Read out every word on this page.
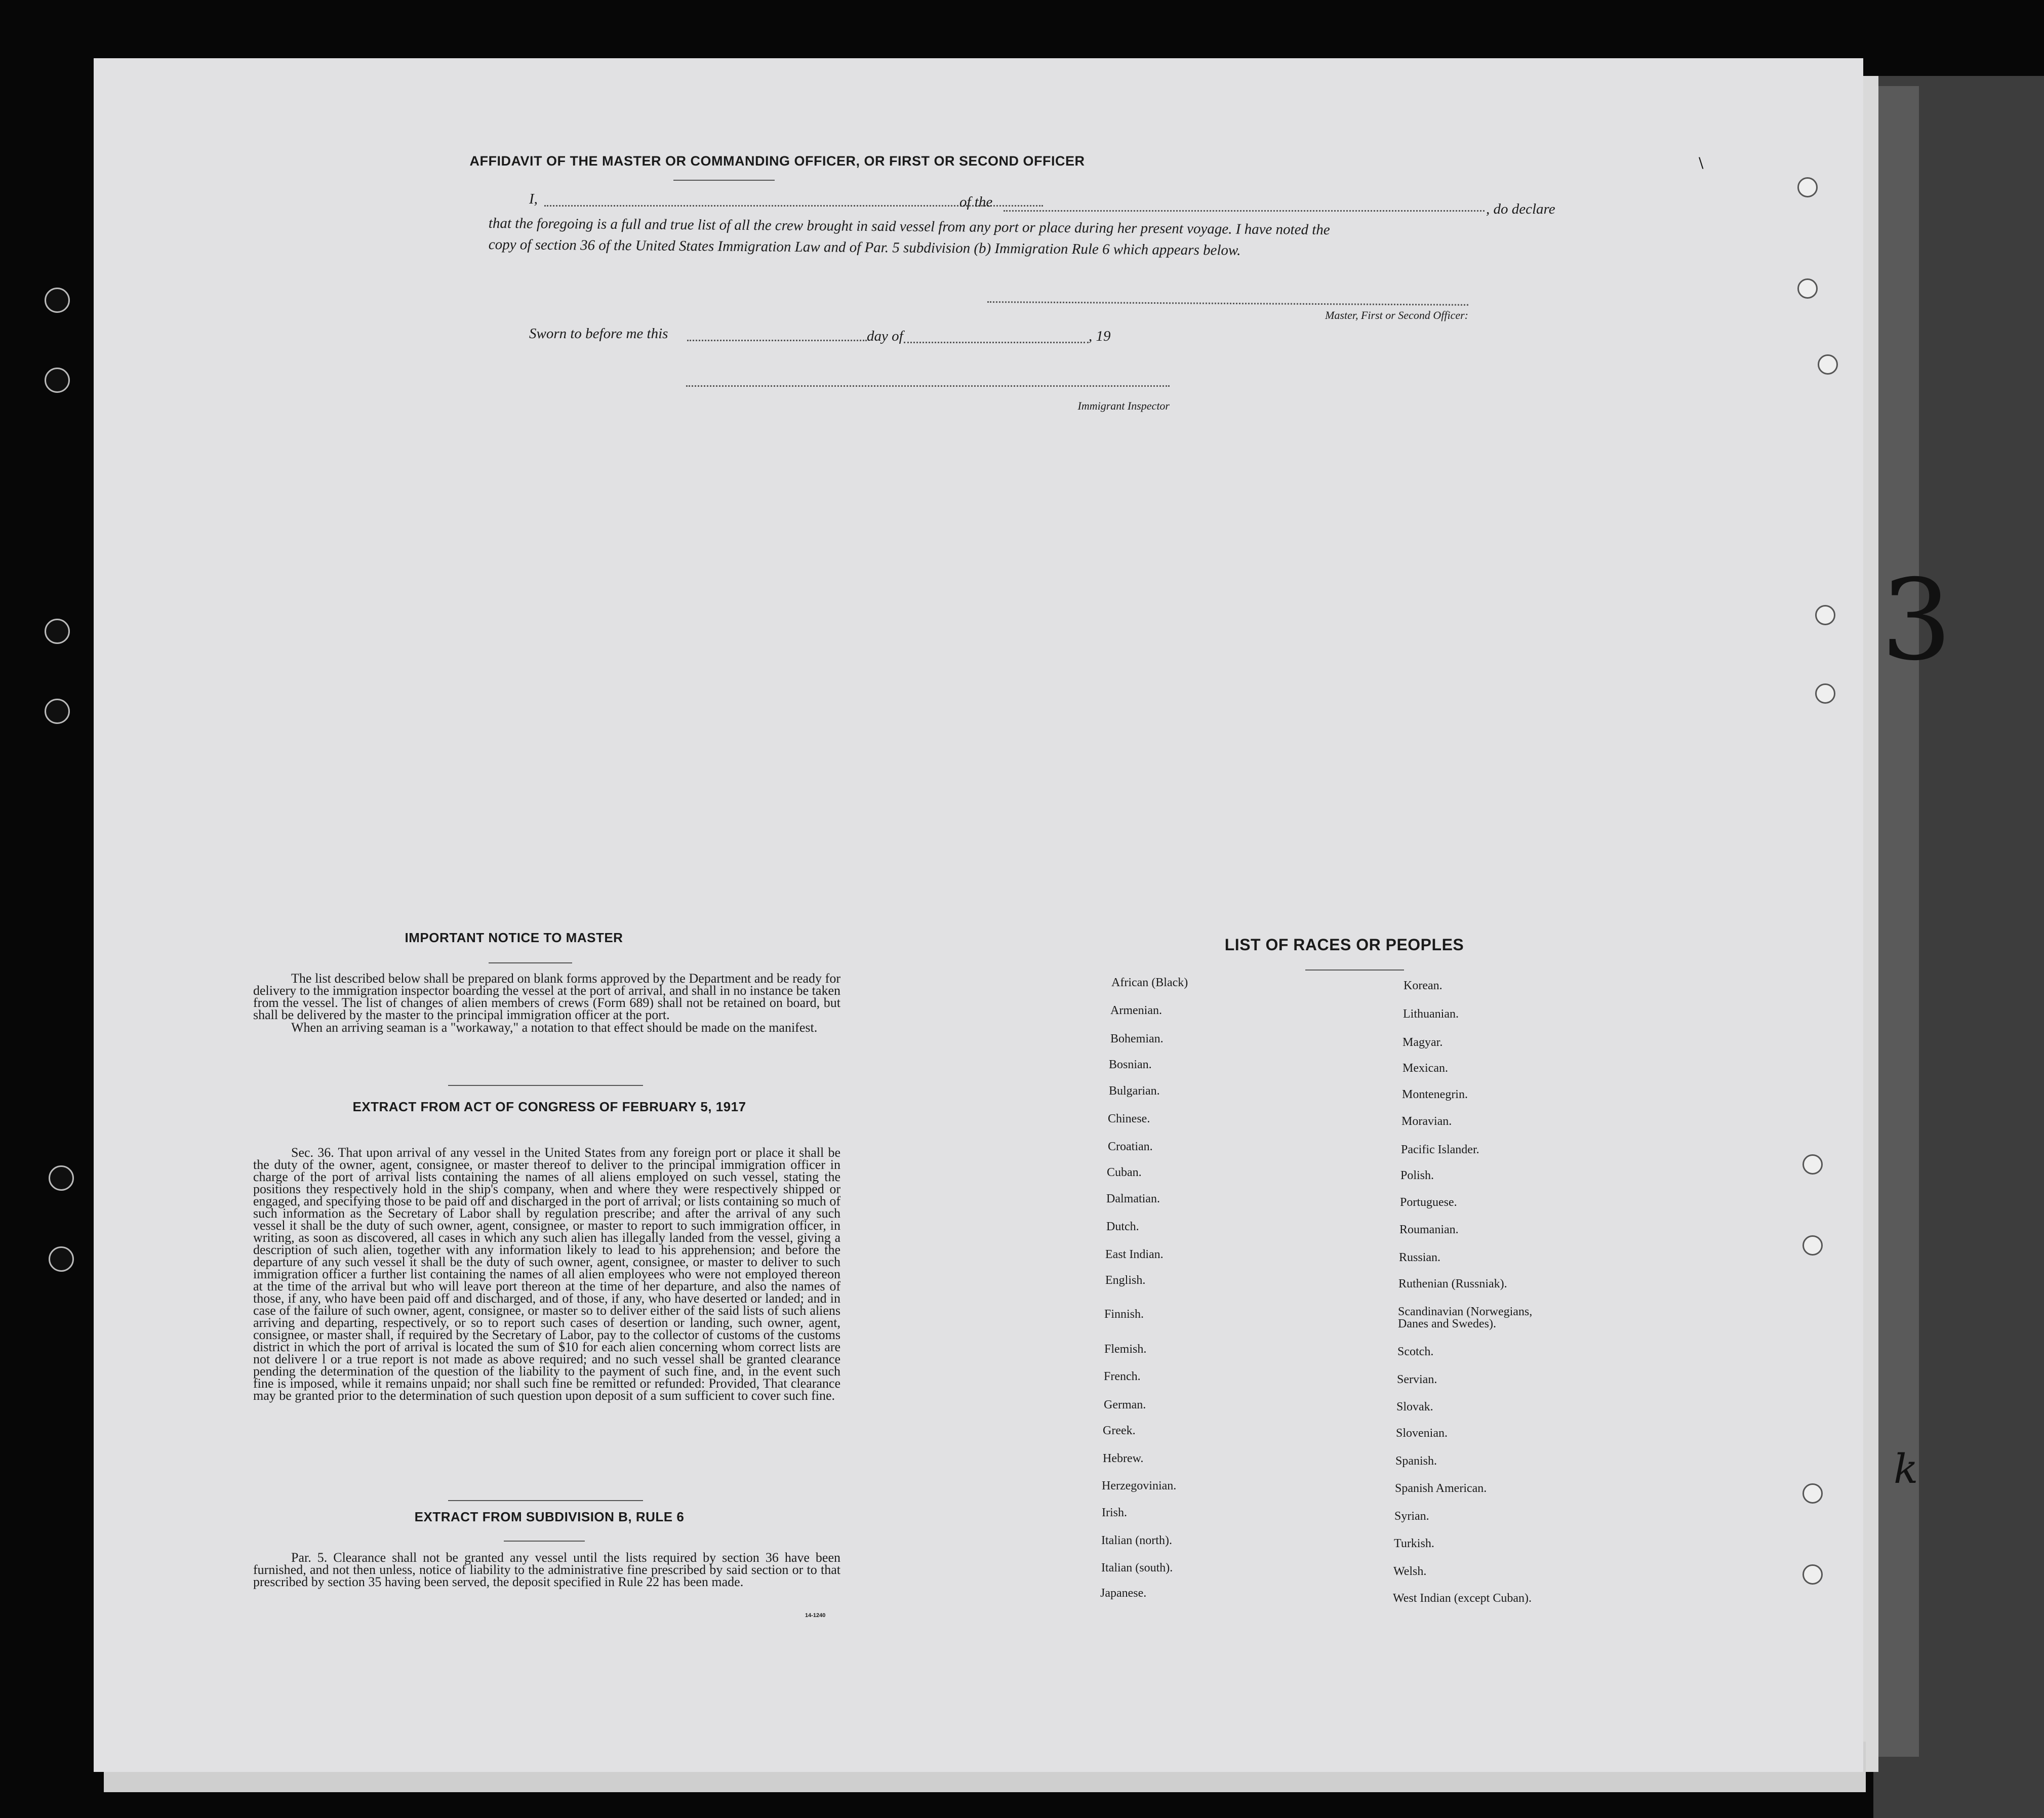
\
AFFIDAVIT OF THE MASTER OR COMMANDING OFFICER, OR FIRST OR SECOND OFFICER
I,	of the	, do declare
that the foregoing is a full and true list of all the crew brought in said vessel from any port or place during her present voyage. I have noted the
copy of section 36 of the United States Immigration Law and of Par. 5 subdivision (b) Immigration Rule 6 which appears below.
Master, First or Second Officer:
Sworn to before me this	day of	, 19
Immigrant Inspector
3
k
IMPORTANT NOTICE TO MASTER
The list described below shall be prepared on blank forms approved by the Department and be ready for delivery to the immigration inspector boarding the vessel at the port of arrival, and shall in no instance be taken from the vessel. The list of changes of alien members of crews (Form 689) shall not be retained on board, but shall be delivered by the master to the principal immigration officer at the port.
When an arriving seaman is a "workaway," a notation to that effect should be made on the manifest.
EXTRACT FROM ACT OF CONGRESS OF FEBRUARY 5, 1917
Sec. 36. That upon arrival of any vessel in the United States from any foreign port or place it shall be the duty of the owner, agent, consignee, or master thereof to deliver to the principal immigration officer in charge of the port of arrival lists containing the names of all aliens employed on such vessel, stating the positions they respectively hold in the ship's company, when and where they were respectively shipped or engaged, and specifying those to be paid off and discharged in the port of arrival; or lists containing so much of such information as the Secretary of Labor shall by regulation prescribe; and after the arrival of any such vessel it shall be the duty of such owner, agent, consignee, or master to report to such immigration officer, in writing, as soon as discovered, all cases in which any such alien has illegally landed from the vessel, giving a description of such alien, together with any information likely to lead to his apprehension; and before the departure of any such vessel it shall be the duty of such owner, agent, consignee, or master to deliver to such immigration officer a further list containing the names of all alien employees who were not employed thereon at the time of the arrival but who will leave port thereon at the time of her departure, and also the names of those, if any, who have been paid off and discharged, and of those, if any, who have deserted or landed; and in case of the failure of such owner, agent, consignee, or master so to deliver either of the said lists of such aliens arriving and departing, respectively, or so to report such cases of desertion or landing, such owner, agent, consignee, or master shall, if required by the Secretary of Labor, pay to the collector of customs of the customs district in which the port of arrival is located the sum of $10 for each alien concerning whom correct lists are not delivere l or a true report is not made as above required; and no such vessel shall be granted clearance pending the determination of the question of the liability to the payment of such fine, and, in the event such fine is imposed, while it remains unpaid; nor shall such fine be remitted or refunded: Provided, That clearance may be granted prior to the determination of such question upon deposit of a sum sufficient to cover such fine.
EXTRACT FROM SUBDIVISION B, RULE 6
Par. 5. Clearance shall not be granted any vessel until the lists required by section 36 have been furnished, and not then unless, notice of liability to the administrative fine prescribed by said section or to that prescribed by section 35 having been served, the deposit specified in Rule 22 has been made.
14-1240
LIST OF RACES OR PEOPLES
African (Black)
Armenian.
Bohemian.
Bosnian.
Bulgarian.
Chinese.
Croatian.
Cuban.
Dalmatian.
Dutch.
East Indian.
English.
Finnish.
Flemish.
French.
German.
Greek.
Hebrew.
Herzegovinian.
Irish.
Italian (north).
Italian (south).
Japanese.
Korean.
Lithuanian.
Magyar.
Mexican.
Montenegrin.
Moravian.
Pacific Islander.
Polish.
Portuguese.
Roumanian.
Russian.
Ruthenian (Russniak).
Scandinavian (Norwegians,
Danes and Swedes).
Scotch.
Servian.
Slovak.
Slovenian.
Spanish.
Spanish American.
Syrian.
Turkish.
Welsh.
West Indian (except Cuban).
